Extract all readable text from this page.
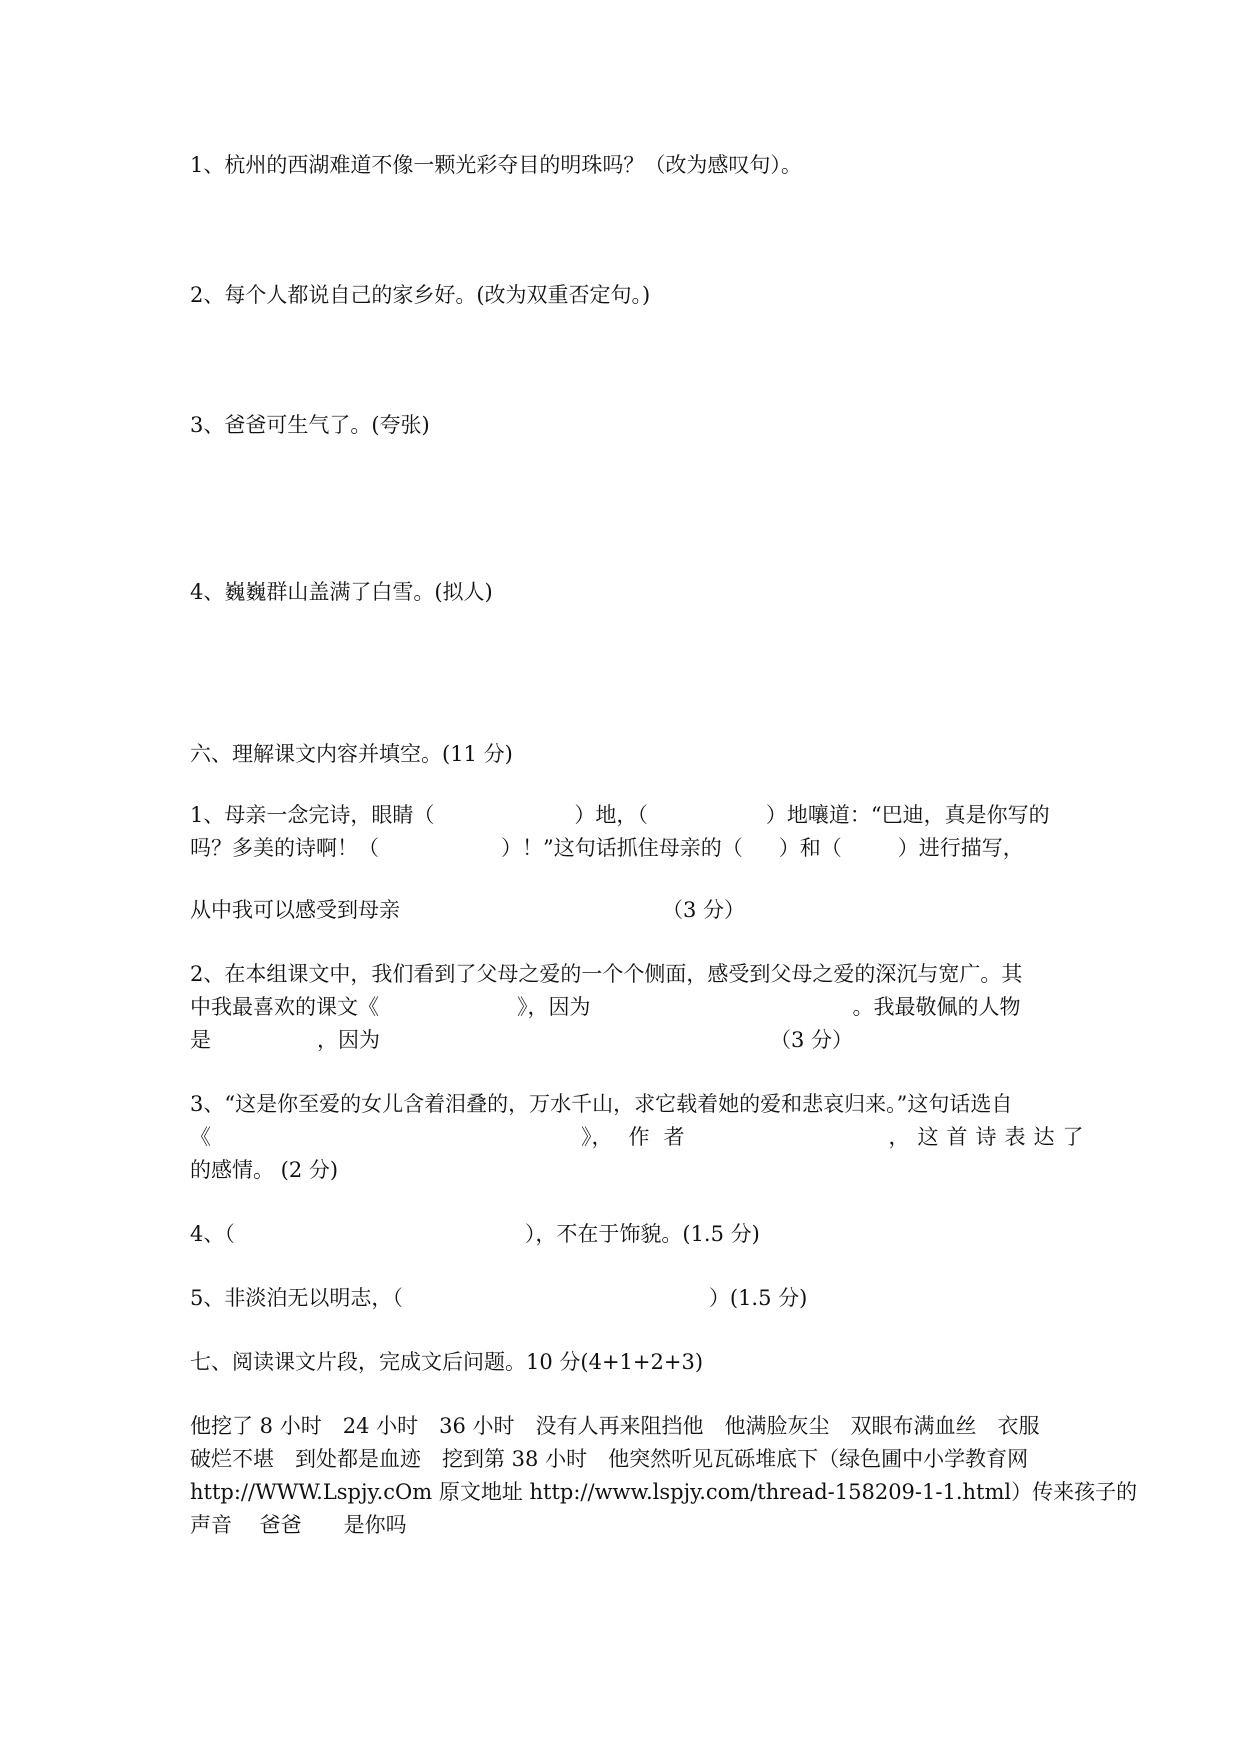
1、杭州的西湖难道不像一颗光彩夺目的明珠吗？（改为感叹句）。
2、每个人都说自己的家乡好。(改为双重否定句。)
3、爸爸可生气了。(夸张)
4、巍巍群山盖满了白雪。(拟人)
六、理解课文内容并填空。(11 分)
1、母亲一念完诗，眼睛（	）地，（	）地嚷道：“巴迪，真是你写的
吗？多美的诗啊！（	）！”这句话抓住母亲的（ ）和（	）进行描写，
从中我可以感受到母亲	（3 分）
2、在本组课文中，我们看到了父母之爱的一个个侧面，感受到父母之爱的深沉与宽广。其
中我最喜欢的课文《	》，因为	。我最敬佩的人物
是	，因为	（3 分）
3、“这是你至爱的女儿含着泪叠的，万水千山，求它载着她的爱和悲哀归来。”这句话选自
《	》， 作者	，这首诗表达了
的感情。 (2 分)
4、（	），不在于饰貌。(1.5 分)
5、非淡泊无以明志，（	）(1.5 分)
七、阅读课文片段，完成文后问题。10 分(4+1+2+3)
他挖了 8 小时　24 小时　36 小时　没有人再来阻挡他　他满脸灰尘　双眼布满血丝　衣服
破烂不堪　到处都是血迹　挖到第 38 小时　他突然听见瓦砾堆底下（绿色圃中小学教育网
http://WWW.Lspjy.cOm 原文地址 http://www.lspjy.com/thread-158209-1-1.html）传来孩子的
声音　 爸爸　　是你吗
